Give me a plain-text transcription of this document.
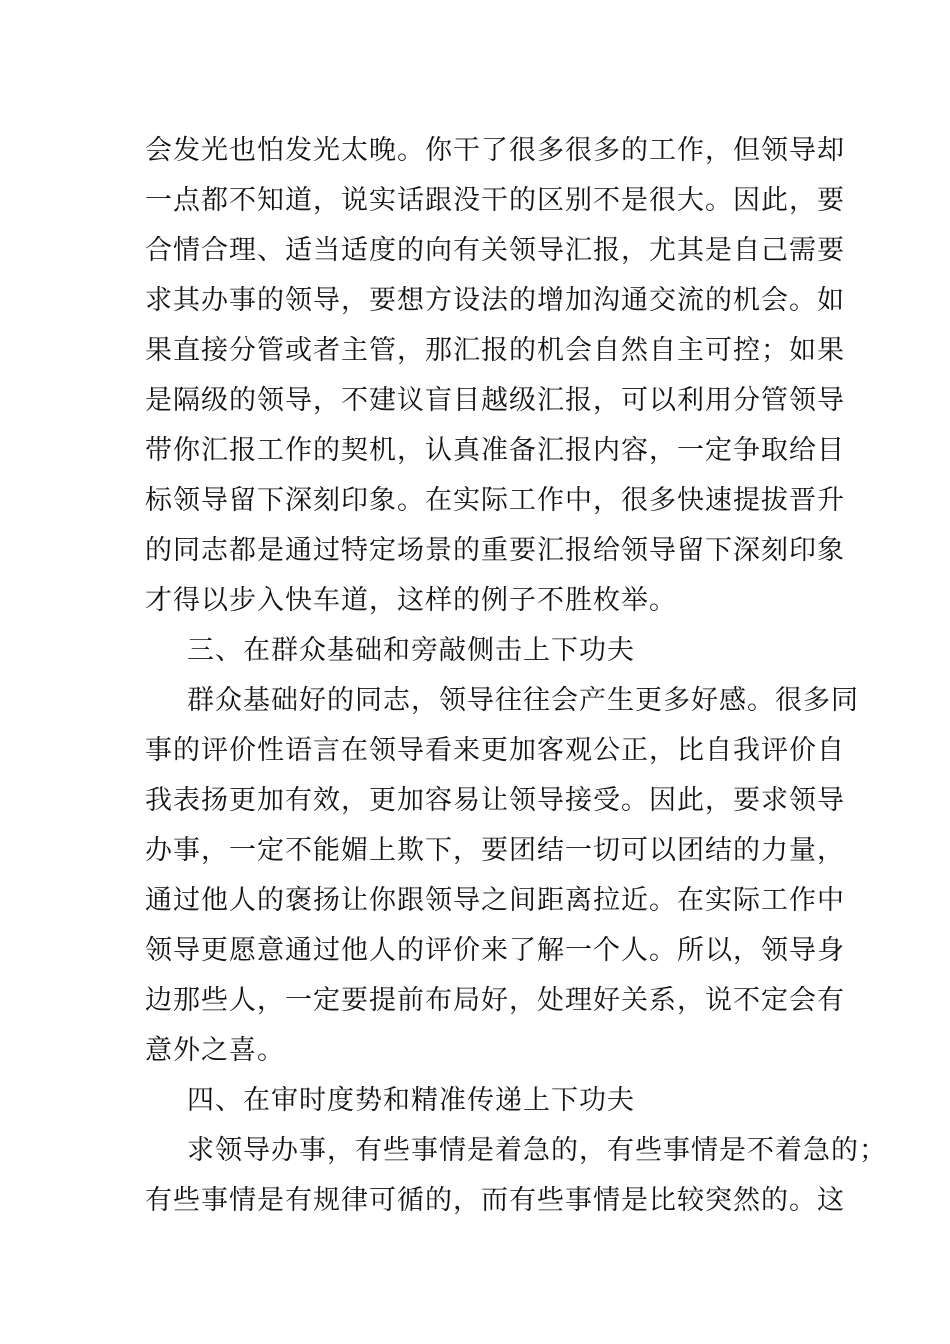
会发光也怕发光太晚。你干了很多很多的工作，但领导却
一点都不知道，说实话跟没干的区别不是很大。因此，要
合情合理、适当适度的向有关领导汇报，尤其是自己需要
求其办事的领导，要想方设法的增加沟通交流的机会。如
果直接分管或者主管，那汇报的机会自然自主可控；如果
是隔级的领导，不建议盲目越级汇报，可以利用分管领导
带你汇报工作的契机，认真准备汇报内容，一定争取给目
标领导留下深刻印象。在实际工作中，很多快速提拔晋升
的同志都是通过特定场景的重要汇报给领导留下深刻印象
才得以步入快车道，这样的例子不胜枚举。
三、在群众基础和旁敲侧击上下功夫
群众基础好的同志，领导往往会产生更多好感。很多同
事的评价性语言在领导看来更加客观公正，比自我评价自
我表扬更加有效，更加容易让领导接受。因此，要求领导
办事，一定不能媚上欺下，要团结一切可以团结的力量，
通过他人的褒扬让你跟领导之间距离拉近。在实际工作中
领导更愿意通过他人的评价来了解一个人。所以，领导身
边那些人，一定要提前布局好，处理好关系，说不定会有
意外之喜。
四、在审时度势和精准传递上下功夫
求领导办事，有些事情是着急的，有些事情是不着急的；
有些事情是有规律可循的，而有些事情是比较突然的。这
